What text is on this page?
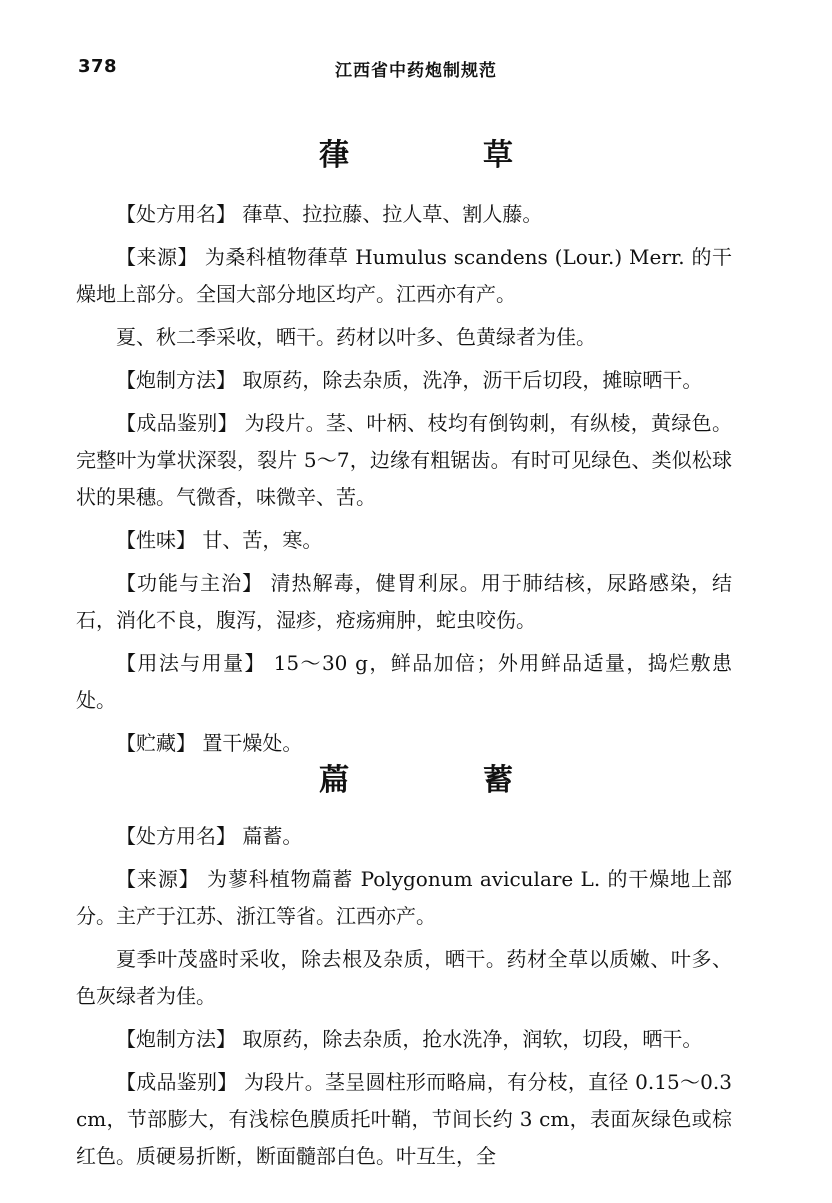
378	江西省中药炮制规范
葎　草

【处方用名】 葎草、拉拉藤、拉人草、割人藤。

【来源】 为桑科植物葎草 Humulus scandens (Lour.) Merr. 的干燥地上部分。全国大部分地区均产。江西亦有产。

夏、秋二季采收，晒干。药材以叶多、色黄绿者为佳。

【炮制方法】 取原药，除去杂质，洗净，沥干后切段，摊晾晒干。

【成品鉴别】 为段片。茎、叶柄、枝均有倒钩刺，有纵棱，黄绿色。完整叶为掌状深裂，裂片 5～7，边缘有粗锯齿。有时可见绿色、类似松球状的果穗。气微香，味微辛、苦。

【性味】 甘、苦，寒。

【功能与主治】 清热解毒，健胃利尿。用于肺结核，尿路感染，结石，消化不良，腹泻，湿疹，疮疡痈肿，蛇虫咬伤。

【用法与用量】 15～30 g，鲜品加倍；外用鲜品适量，捣烂敷患处。

【贮藏】 置干燥处。

萹　蓄

【处方用名】 萹蓄。

【来源】 为蓼科植物萹蓄 Polygonum aviculare L. 的干燥地上部分。主产于江苏、浙江等省。江西亦产。

夏季叶茂盛时采收，除去根及杂质，晒干。药材全草以质嫩、叶多、色灰绿者为佳。

【炮制方法】 取原药，除去杂质，抢水洗净，润软，切段，晒干。

【成品鉴别】 为段片。茎呈圆柱形而略扁，有分枝，直径 0.15～0.3 cm，节部膨大，有浅棕色膜质托叶鞘，节间长约 3 cm，表面灰绿色或棕红色。质硬易折断，断面髓部白色。叶互生，全
